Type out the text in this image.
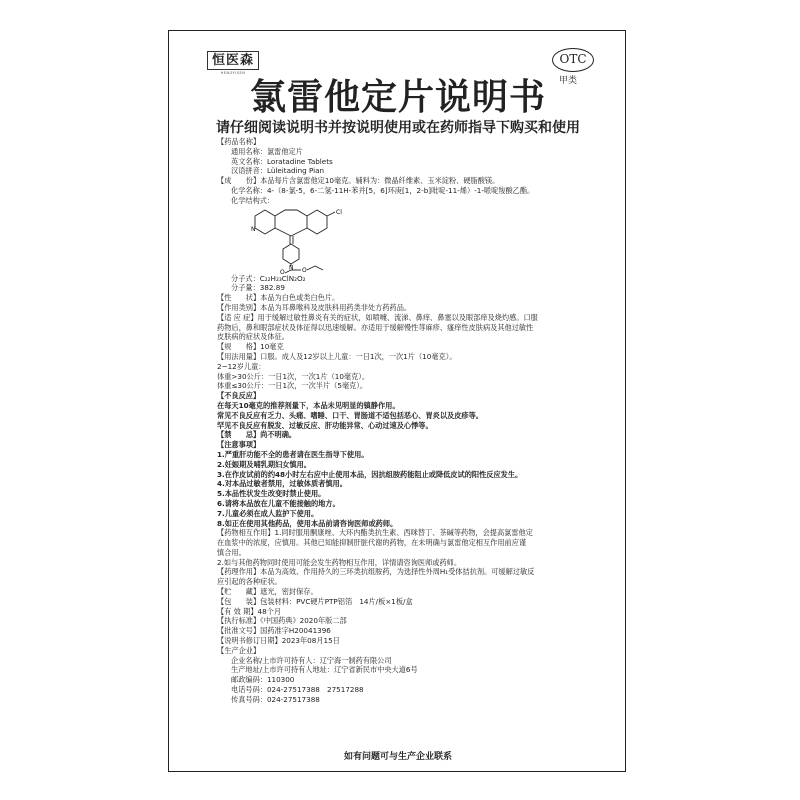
恒医森
HENGYISEN
OTC
甲类
氯雷他定片说明书
请仔细阅读说明书并按说明使用或在药师指导下购买和使用
【药品名称】
通用名称：氯雷他定片
英文名称：Loratadine Tablets
汉语拼音：Lüleitading Pian
【成　　份】本品每片含氯雷他定10毫克。辅料为：微晶纤维素、玉米淀粉、硬脂酸镁。
化学名称：4-（8-氯-5，6-二氢-11H-苯并[5，6]环庚[1，2-b]吡啶-11-烯）-1-哌啶羧酸乙酯。
化学结构式：
N
Cl
N
O	O
分子式：C₂₂H₂₃ClN₂O₂
分子量：382.89
【性　　状】本品为白色或类白色片。
【作用类别】本品为耳鼻喉科及皮肤科用药类非处方药药品。
【适 应 症】用于缓解过敏性鼻炎有关的症状，如喷嚏、流涕、鼻痒、鼻塞以及眼部痒及烧灼感。口服
药物后，鼻和眼部症状及体征得以迅速缓解。亦适用于缓解慢性荨麻疹、瘙痒性皮肤病及其他过敏性
皮肤病的症状及体征。
【规　　格】10毫克
【用法用量】口服。成人及12岁以上儿童：一日1次，一次1片（10毫克）。
2~12岁儿童：
体重>30公斤：一日1次，一次1片（10毫克）。
体重≤30公斤：一日1次，一次半片（5毫克）。
【不良反应】
在每天10毫克的推荐剂量下，本品未见明显的镇静作用。
常见不良反应有乏力、头痛、嗜睡、口干、胃肠道不适包括恶心、胃炎以及皮疹等。
罕见不良反应有脱发、过敏反应、肝功能异常、心动过速及心悸等。
【禁　　忌】尚不明确。
【注意事项】
1.严重肝功能不全的患者请在医生指导下使用。
2.妊娠期及哺乳期妇女慎用。
3.在作皮试前的约48小时左右应中止使用本品，因抗组胺药能阻止或降低皮试的阳性反应发生。
4.对本品过敏者禁用，过敏体质者慎用。
5.本品性状发生改变时禁止使用。
6.请将本品放在儿童不能接触的地方。
7.儿童必须在成人监护下使用。
8.如正在使用其他药品，使用本品前请咨询医师或药师。
【药物相互作用】1.同时服用酮康唑、大环内酯类抗生素、西咪替丁、茶碱等药物，会提高氯雷他定
在血浆中的浓度，应慎用。其他已知能抑制肝脏代谢的药物，在未明确与氯雷他定相互作用前应谨
慎合用。
2.如与其他药物同时使用可能会发生药物相互作用，详情请咨询医师或药师。
【药理作用】本品为高效、作用持久的三环类抗组胺药，为选择性外周H₁受体拮抗剂。可缓解过敏反
应引起的各种症状。
【贮　　藏】遮光，密封保存。
【包　　装】包装材料：PVC硬片PTP铝箔　14片/板×1板/盒
【有 效 期】48个月
【执行标准】《中国药典》2020年版二部
【批准文号】国药准字H20041396
【说明书修订日期】2023年08月15日
【生产企业】
企业名称/上市许可持有人：辽宁海一制药有限公司
生产地址/上市许可持有人地址：辽宁省新民市中央大道6号
邮政编码：110300
电话号码：024-27517388　27517288
传真号码：024-27517388
如有问题可与生产企业联系
